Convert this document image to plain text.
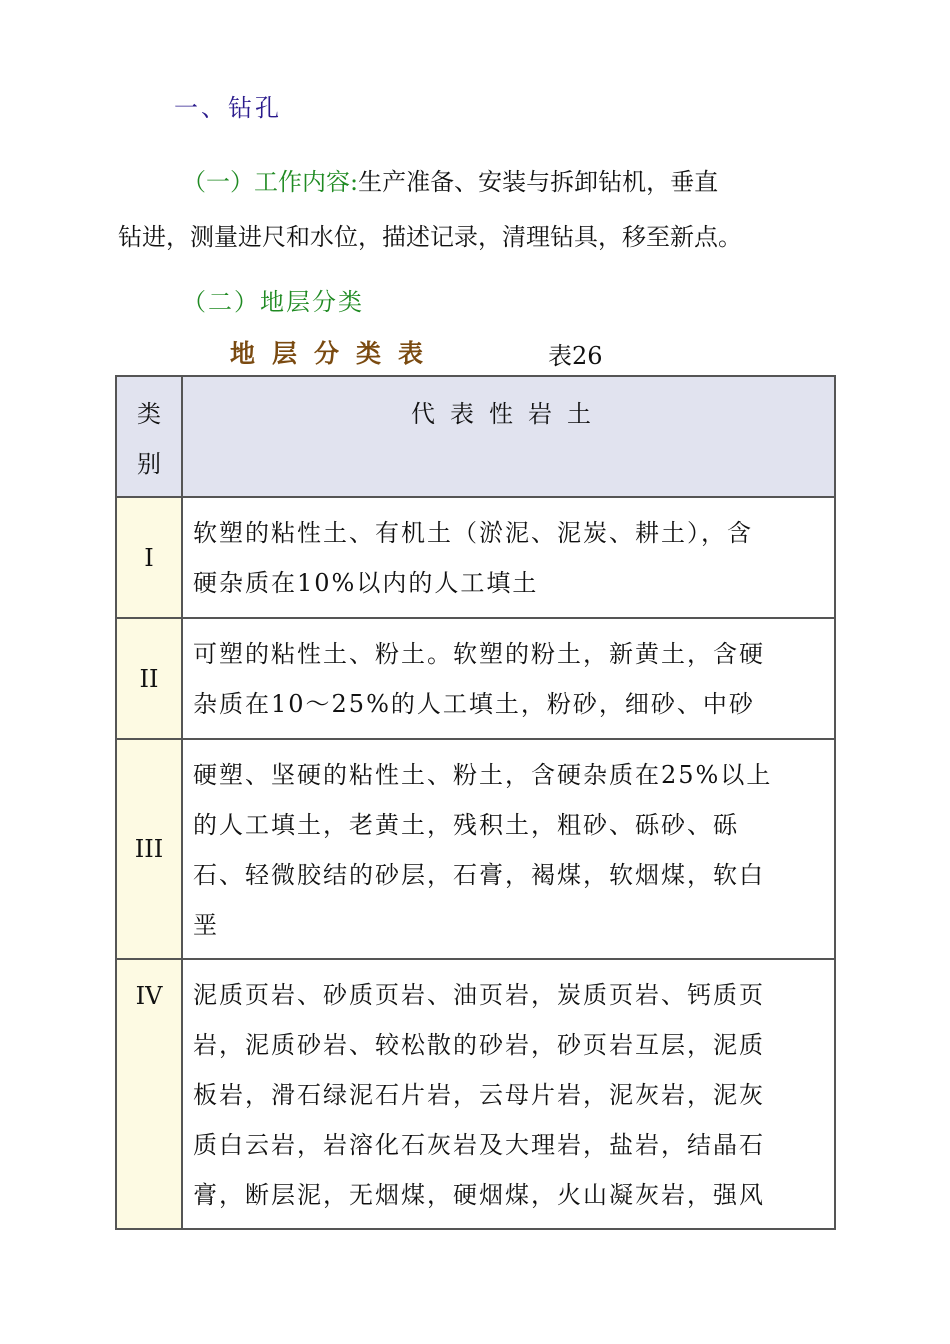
一、钻孔
（一）工作内容:生产准备、安装与拆卸钻机，垂直
钻进，测量进尺和水位，描述记录，清理钻具，移至新点。
（二）地层分类
地层分类表	表26
类
别
代表性岩土
I
软塑的粘性土、有机土（淤泥、泥炭、耕土），含
硬杂质在10%以内的人工填土
II
可塑的粘性土、粉土。软塑的粉土，新黄土，含硬
杂质在10～25%的人工填土，粉砂，细砂、中砂
III
硬塑、坚硬的粘性土、粉土，含硬杂质在25%以上
的人工填土，老黄土，残积土，粗砂、砾砂、砾
石、轻微胶结的砂层，石膏，褐煤，软烟煤，软白
垩
IV	泥质页岩、砂质页岩、油页岩，炭质页岩、钙质页
岩，泥质砂岩、较松散的砂岩，砂页岩互层，泥质
板岩，滑石绿泥石片岩，云母片岩，泥灰岩，泥灰
质白云岩，岩溶化石灰岩及大理岩，盐岩，结晶石
膏，断层泥，无烟煤，硬烟煤，火山凝灰岩，强风
